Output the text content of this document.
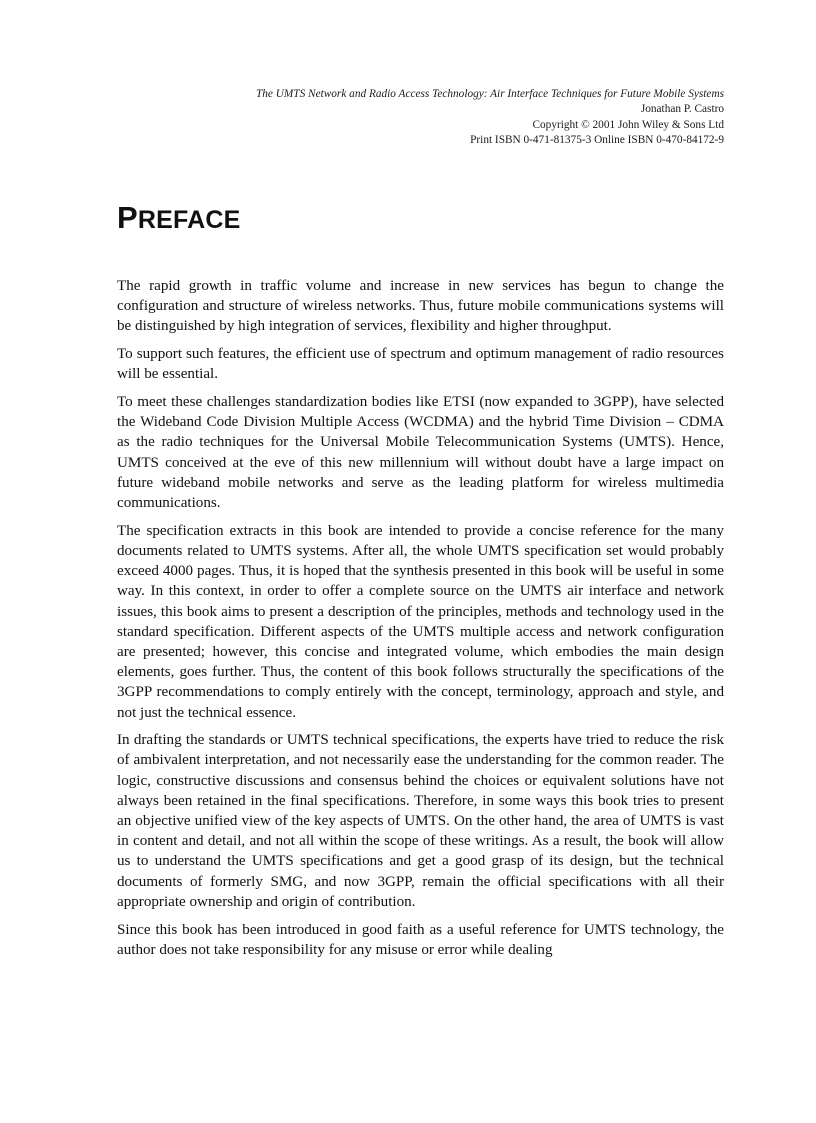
The UMTS Network and Radio Access Technology: Air Interface Techniques for Future Mobile Systems
Jonathan P. Castro
Copyright © 2001 John Wiley & Sons Ltd
Print ISBN 0-471-81375-3 Online ISBN 0-470-84172-9
PREFACE

The rapid growth in traffic volume and increase in new services has begun to change the configuration and structure of wireless networks. Thus, future mobile communications systems will be distinguished by high integration of services, flexibility and higher throughput.

To support such features, the efficient use of spectrum and optimum management of radio resources will be essential.

To meet these challenges standardization bodies like ETSI (now expanded to 3GPP), have selected the Wideband Code Division Multiple Access (WCDMA) and the hybrid Time Division – CDMA as the radio techniques for the Universal Mobile Telecommunication Systems (UMTS). Hence, UMTS conceived at the eve of this new millennium will without doubt have a large impact on future wideband mobile networks and serve as the leading platform for wireless multimedia communications.

The specification extracts in this book are intended to provide a concise reference for the many documents related to UMTS systems. After all, the whole UMTS specification set would probably exceed 4000 pages. Thus, it is hoped that the synthesis presented in this book will be useful in some way. In this context, in order to offer a complete source on the UMTS air interface and network issues, this book aims to present a description of the principles, methods and technology used in the standard specification. Different aspects of the UMTS multiple access and network configuration are presented; however, this concise and integrated volume, which embodies the main design elements, goes further. Thus, the content of this book follows structurally the specifications of the 3GPP recommendations to comply entirely with the concept, terminology, approach and style, and not just the technical essence.

In drafting the standards or UMTS technical specifications, the experts have tried to reduce the risk of ambivalent interpretation, and not necessarily ease the understanding for the common reader. The logic, constructive discussions and consensus behind the choices or equivalent solutions have not always been retained in the final specifications. Therefore, in some ways this book tries to present an objective unified view of the key aspects of UMTS. On the other hand, the area of UMTS is vast in content and detail, and not all within the scope of these writings. As a result, the book will allow us to understand the UMTS specifications and get a good grasp of its design, but the technical documents of formerly SMG, and now 3GPP, remain the official specifications with all their appropriate ownership and origin of contribution.

Since this book has been introduced in good faith as a useful reference for UMTS technology, the author does not take responsibility for any misuse or error while dealing
